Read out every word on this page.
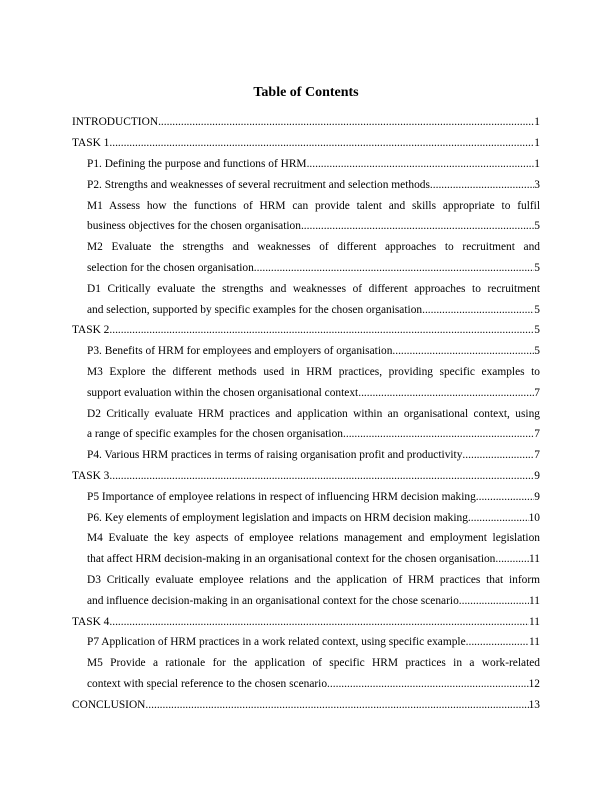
Table of Contents
INTRODUCTION .....	1
TASK 1 .....	1
P1. Defining the purpose and functions of HRM .....	1
P2. Strengths and weaknesses of several recruitment and selection methods .....	3
M1 Assess how the functions of HRM can provide talent and skills appropriate to fulfil
business objectives for the chosen organisation .....	5
M2 Evaluate the strengths and weaknesses of different approaches to recruitment and
selection for the chosen organisation. .....	5
D1 Critically evaluate the strengths and weaknesses of different approaches to recruitment
and selection, supported by specific examples for the chosen organisation .....	5
TASK 2 .....	5
P3. Benefits of HRM for employees and employers of organisation .....	5
M3 Explore the different methods used in HRM practices, providing specific examples to
support evaluation within the chosen organisational context .....	7
D2 Critically evaluate HRM practices and application within an organisational context, using
a range of specific examples for the chosen organisation. .....	7
P4. Various HRM practices in terms of raising organisation profit and productivity .....	7
TASK 3 .....	9
P5 Importance of employee relations in respect of influencing HRM decision making .....	9
P6. Key elements of employment legislation and impacts on HRM decision making .....	10
M4 Evaluate the key aspects of employee relations management and employment legislation
that affect HRM decision-making in an organisational context for the chosen organisation. .....	11
D3 Critically evaluate employee relations and the application of HRM practices that inform
and influence decision-making in an organisational context for the chose scenario. .....	11
TASK 4 .....	11
P7 Application of HRM practices in a work related context, using specific example .....	11
M5 Provide a rationale for the application of specific HRM practices in a work-related
context with special reference to the chosen scenario. .....	12
CONCLUSION .....	13
